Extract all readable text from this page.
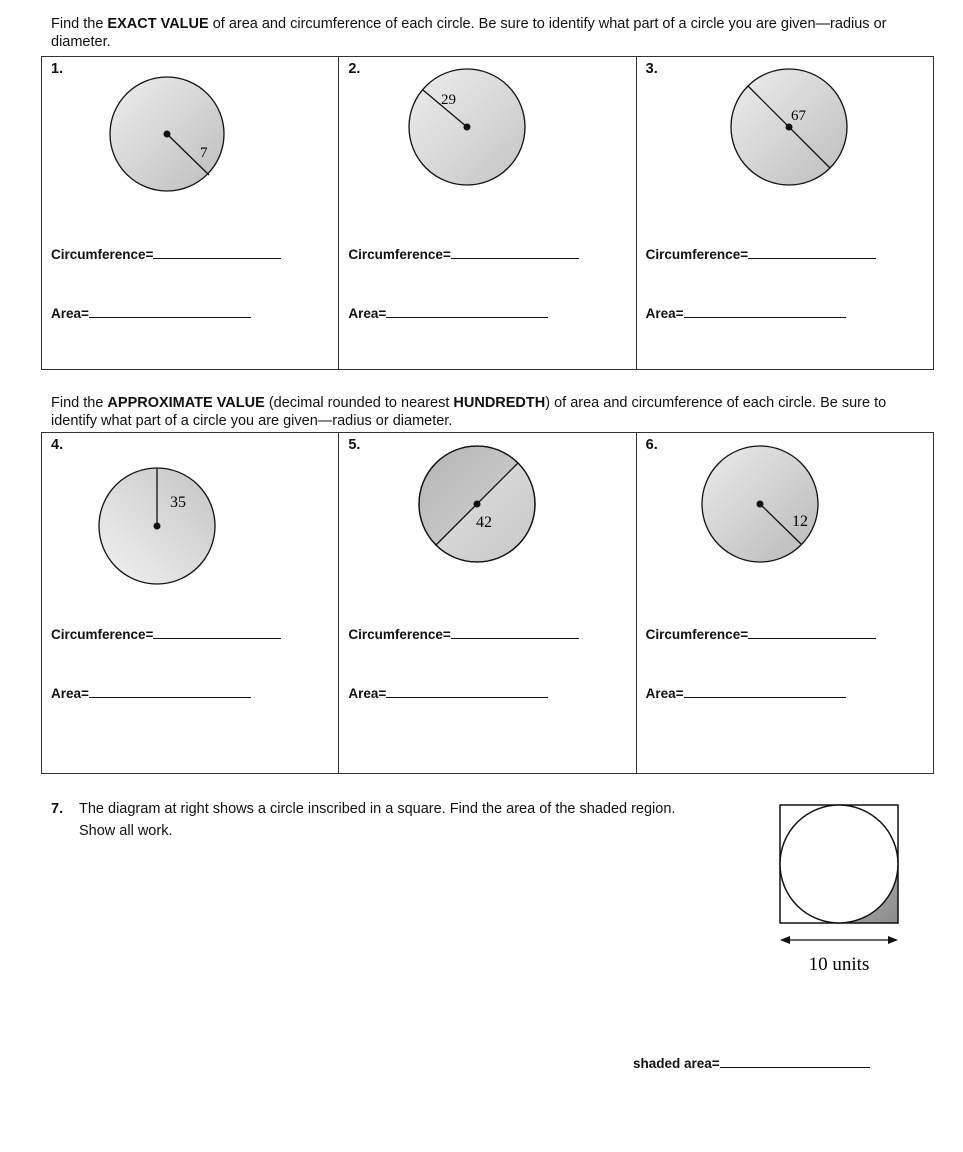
Find the EXACT VALUE of area and circumference of each circle. Be sure to identify what part of a circle you are given—radius or diameter.
1.
7
Circumference=
Area=
2.
29
Circumference=
Area=
3.
67
Circumference=
Area=
Find the APPROXIMATE VALUE (decimal rounded to nearest HUNDREDTH) of area and circumference of each circle. Be sure to identify what part of a circle you are given—radius or diameter.
4.
35
Circumference=
Area=
5.
42
Circumference=
Area=
6.
12
Circumference=
Area=
7. The diagram at right shows a circle inscribed in a square. Find the area of the shaded region.
Show all work.
10 units
shaded area=
